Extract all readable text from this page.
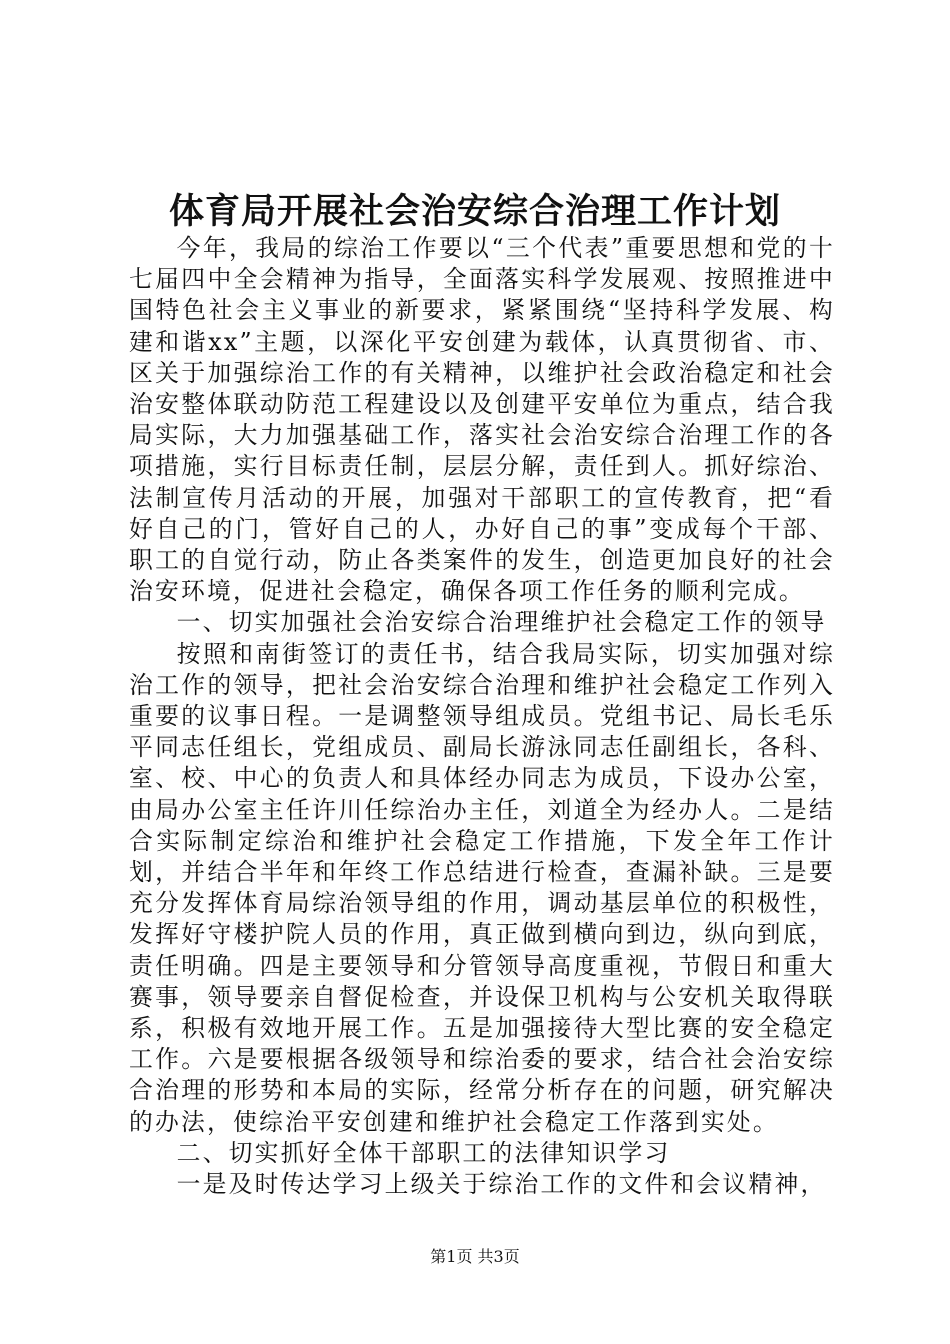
体育局开展社会治安综合治理工作计划

今年，我局的综治工作要以“三个代表”重要思想和党的十七届四中全会精神为指导，全面落实科学发展观、按照推进中国特色社会主义事业的新要求，紧紧围绕“坚持科学发展、构建和谐xx”主题，以深化平安创建为载体，认真贯彻省、市、区关于加强综治工作的有关精神，以维护社会政治稳定和社会治安整体联动防范工程建设以及创建平安单位为重点，结合我局实际，大力加强基础工作，落实社会治安综合治理工作的各项措施，实行目标责任制，层层分解，责任到人。抓好综治、法制宣传月活动的开展，加强对干部职工的宣传教育，把“看好自己的门，管好自己的人，办好自己的事”变成每个干部、职工的自觉行动，防止各类案件的发生，创造更加良好的社会治安环境，促进社会稳定，确保各项工作任务的顺利完成。

一、切实加强社会治安综合治理维护社会稳定工作的领导

按照和南街签订的责任书，结合我局实际，切实加强对综治工作的领导，把社会治安综合治理和维护社会稳定工作列入重要的议事日程。一是调整领导组成员。党组书记、局长毛乐平同志任组长，党组成员、副局长游泳同志任副组长，各科、室、校、中心的负责人和具体经办同志为成员，下设办公室，由局办公室主任许川任综治办主任，刘道全为经办人。二是结合实际制定综治和维护社会稳定工作措施，下发全年工作计划，并结合半年和年终工作总结进行检查，查漏补缺。三是要充分发挥体育局综治领导组的作用，调动基层单位的积极性，发挥好守楼护院人员的作用，真正做到横向到边，纵向到底，责任明确。四是主要领导和分管领导高度重视，节假日和重大赛事，领导要亲自督促检查，并设保卫机构与公安机关取得联系，积极有效地开展工作。五是加强接待大型比赛的安全稳定工作。六是要根据各级领导和综治委的要求，结合社会治安综合治理的形势和本局的实际，经常分析存在的问题，研究解决的办法，使综治平安创建和维护社会稳定工作落到实处。

二、切实抓好全体干部职工的法律知识学习

一是及时传达学习上级关于综治工作的文件和会议精神，

第1页 共3页
